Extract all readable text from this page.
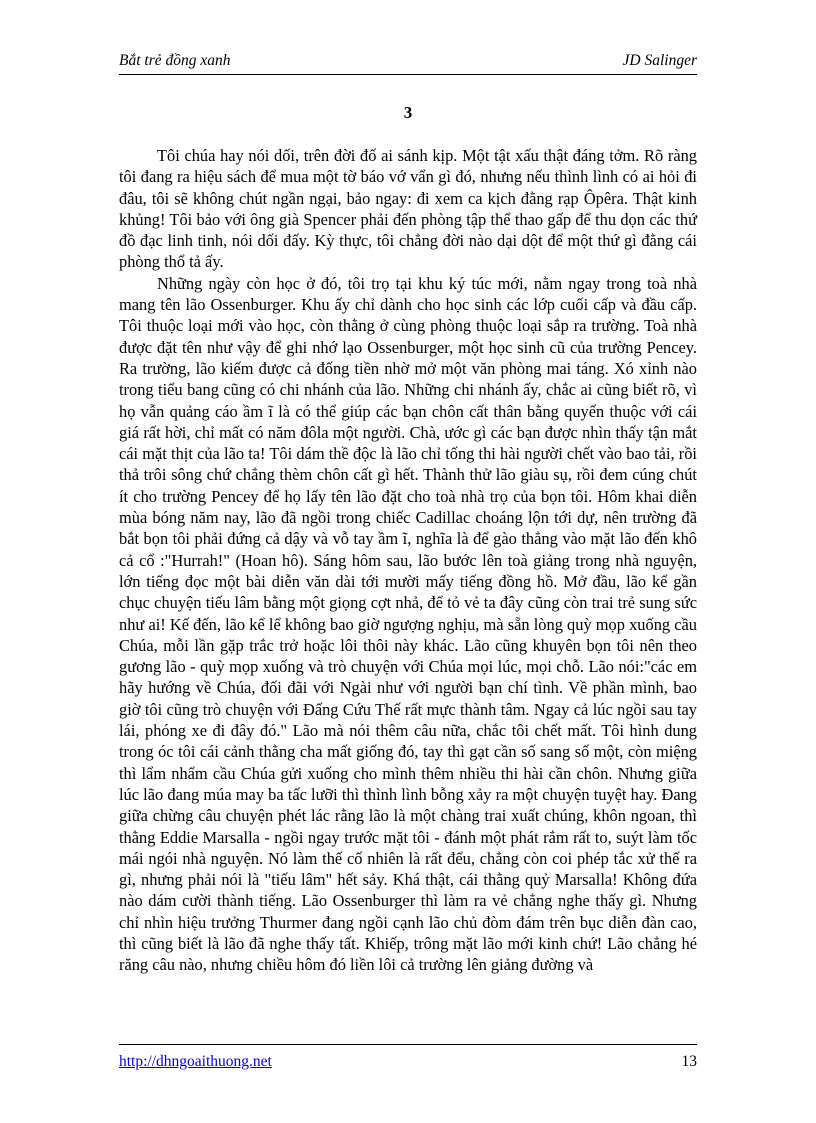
Bắt trẻ đồng xanh	JD Salinger
3

Tôi chúa hay nói dối, trên đời đố ai sánh kịp. Một tật xấu thật đáng tởm. Rõ ràng tôi đang ra hiệu sách để mua một tờ báo vớ vẩn gì đó, nhưng nếu thình lình có ai hỏi đi đâu, tôi sẽ không chút ngần ngại, bảo ngay: đi xem ca kịch đằng rạp Ôpêra. Thật kinh khủng! Tôi bảo với ông già Spencer phải đến phòng tập thể thao gấp để thu dọn các thứ đồ đạc linh tinh, nói dối đấy. Kỳ thực, tôi chẳng đời nào dại dột để một thứ gì đằng cái phòng thổ tả ấy.

Những ngày còn học ở đó, tôi trọ tại khu ký túc mới, nằm ngay trong toà nhà mang tên lão Ossenburger. Khu ấy chỉ dành cho học sinh các lớp cuối cấp và đầu cấp. Tôi thuộc loại mới vào học, còn thằng ở cùng phòng thuộc loại sắp ra trường. Toà nhà được đặt tên như vậy để ghi nhớ lạo Ossenburger, một học sinh cũ của trường Pencey. Ra trường, lão kiếm được cả đống tiền nhờ mở một văn phòng mai táng. Xó xỉnh nào trong tiểu bang cũng có chi nhánh của lão. Những chi nhánh ấy, chắc ai cũng biết rõ, vì họ vẫn quảng cáo ầm ĩ là có thể giúp các bạn chôn cất thân bằng quyến thuộc với cái giá rất hời, chỉ mất có năm đôla một người. Chà, ước gì các bạn được nhìn thấy tận mắt cái mặt thịt của lão ta! Tôi dám thề độc là lão chỉ tống thi hài người chết vào bao tải, rồi thả trôi sông chứ chẳng thèm chôn cất gì hết. Thành thử lão giàu sụ, rồi đem cúng chút ít cho trường Pencey để họ lấy tên lão đặt cho toà nhà trọ của bọn tôi. Hôm khai diễn mùa bóng năm nay, lão đã ngồi trong chiếc Cadillac choáng lộn tới dự, nên trường đã bắt bọn tôi phải đứng cả dậy và vỗ tay ầm ĩ, nghĩa là để gào thẳng vào mặt lão đến khô cả cổ :"Hurrah!" (Hoan hô). Sáng hôm sau, lão bước lên toà giảng trong nhà nguyện, lớn tiếng đọc một bài diễn văn dài tới mười mấy tiếng đồng hồ. Mở đầu, lão kể gần chục chuyện tiếu lâm bằng một giọng cợt nhả, để tỏ vẻ ta đây cũng còn trai trẻ sung sức như ai! Kế đến, lão kể lể không bao giờ ngượng nghịu, mà sẵn lòng quỳ mọp xuống cầu Chúa, mỗi lần gặp trắc trở hoặc lôi thôi này khác. Lão cũng khuyên bọn tôi nên theo gương lão - quỳ mọp xuống và trò chuyện với Chúa mọi lúc, mọi chỗ. Lão nói:"các em hãy hướng về Chúa, đối đãi với Ngài như với người bạn chí tình. Về phần mình, bao giờ tôi cũng trò chuyện với Đấng Cứu Thế rất mực thành tâm. Ngay cả lúc ngồi sau tay lái, phóng xe đi đây đó." Lão mà nói thêm câu nữa, chắc tôi chết mất. Tôi hình dung trong óc tôi cái cảnh thằng cha mất giống đó, tay thì gạt cần số sang số một, còn miệng thì lẩm nhẩm cầu Chúa gửi xuống cho mình thêm nhiều thi hài cần chôn. Nhưng giữa lúc lão đang múa may ba tấc lưỡi thì thình lình bỗng xảy ra một chuyện tuyệt hay. Đang giữa chừng câu chuyện phét lác rằng lão là một chàng trai xuất chúng, khôn ngoan, thì thằng Eddie Marsalla - ngồi ngay trước mặt tôi - đánh một phát rắm rất to, suýt làm tốc mái ngói nhà nguyện. Nó làm thế cố nhiên là rất đểu, chẳng còn coi phép tắc xử thế ra gì, nhưng phải nói là "tiếu lâm" hết sảy. Khá thật, cái thằng quỷ Marsalla! Không đứa nào dám cười thành tiếng. Lão Ossenburger thì làm ra vẻ chẳng nghe thấy gì. Nhưng chỉ nhìn hiệu trưởng Thurmer đang ngồi cạnh lão chủ đòm đám trên bục diễn đàn cao, thì cũng biết là lão đã nghe thấy tất. Khiếp, trông mặt lão mới kinh chứ! Lão chẳng hé răng câu nào, nhưng chiều hôm đó liền lôi cả trường lên giảng đường và

http://dhngoaithuong.net	13
